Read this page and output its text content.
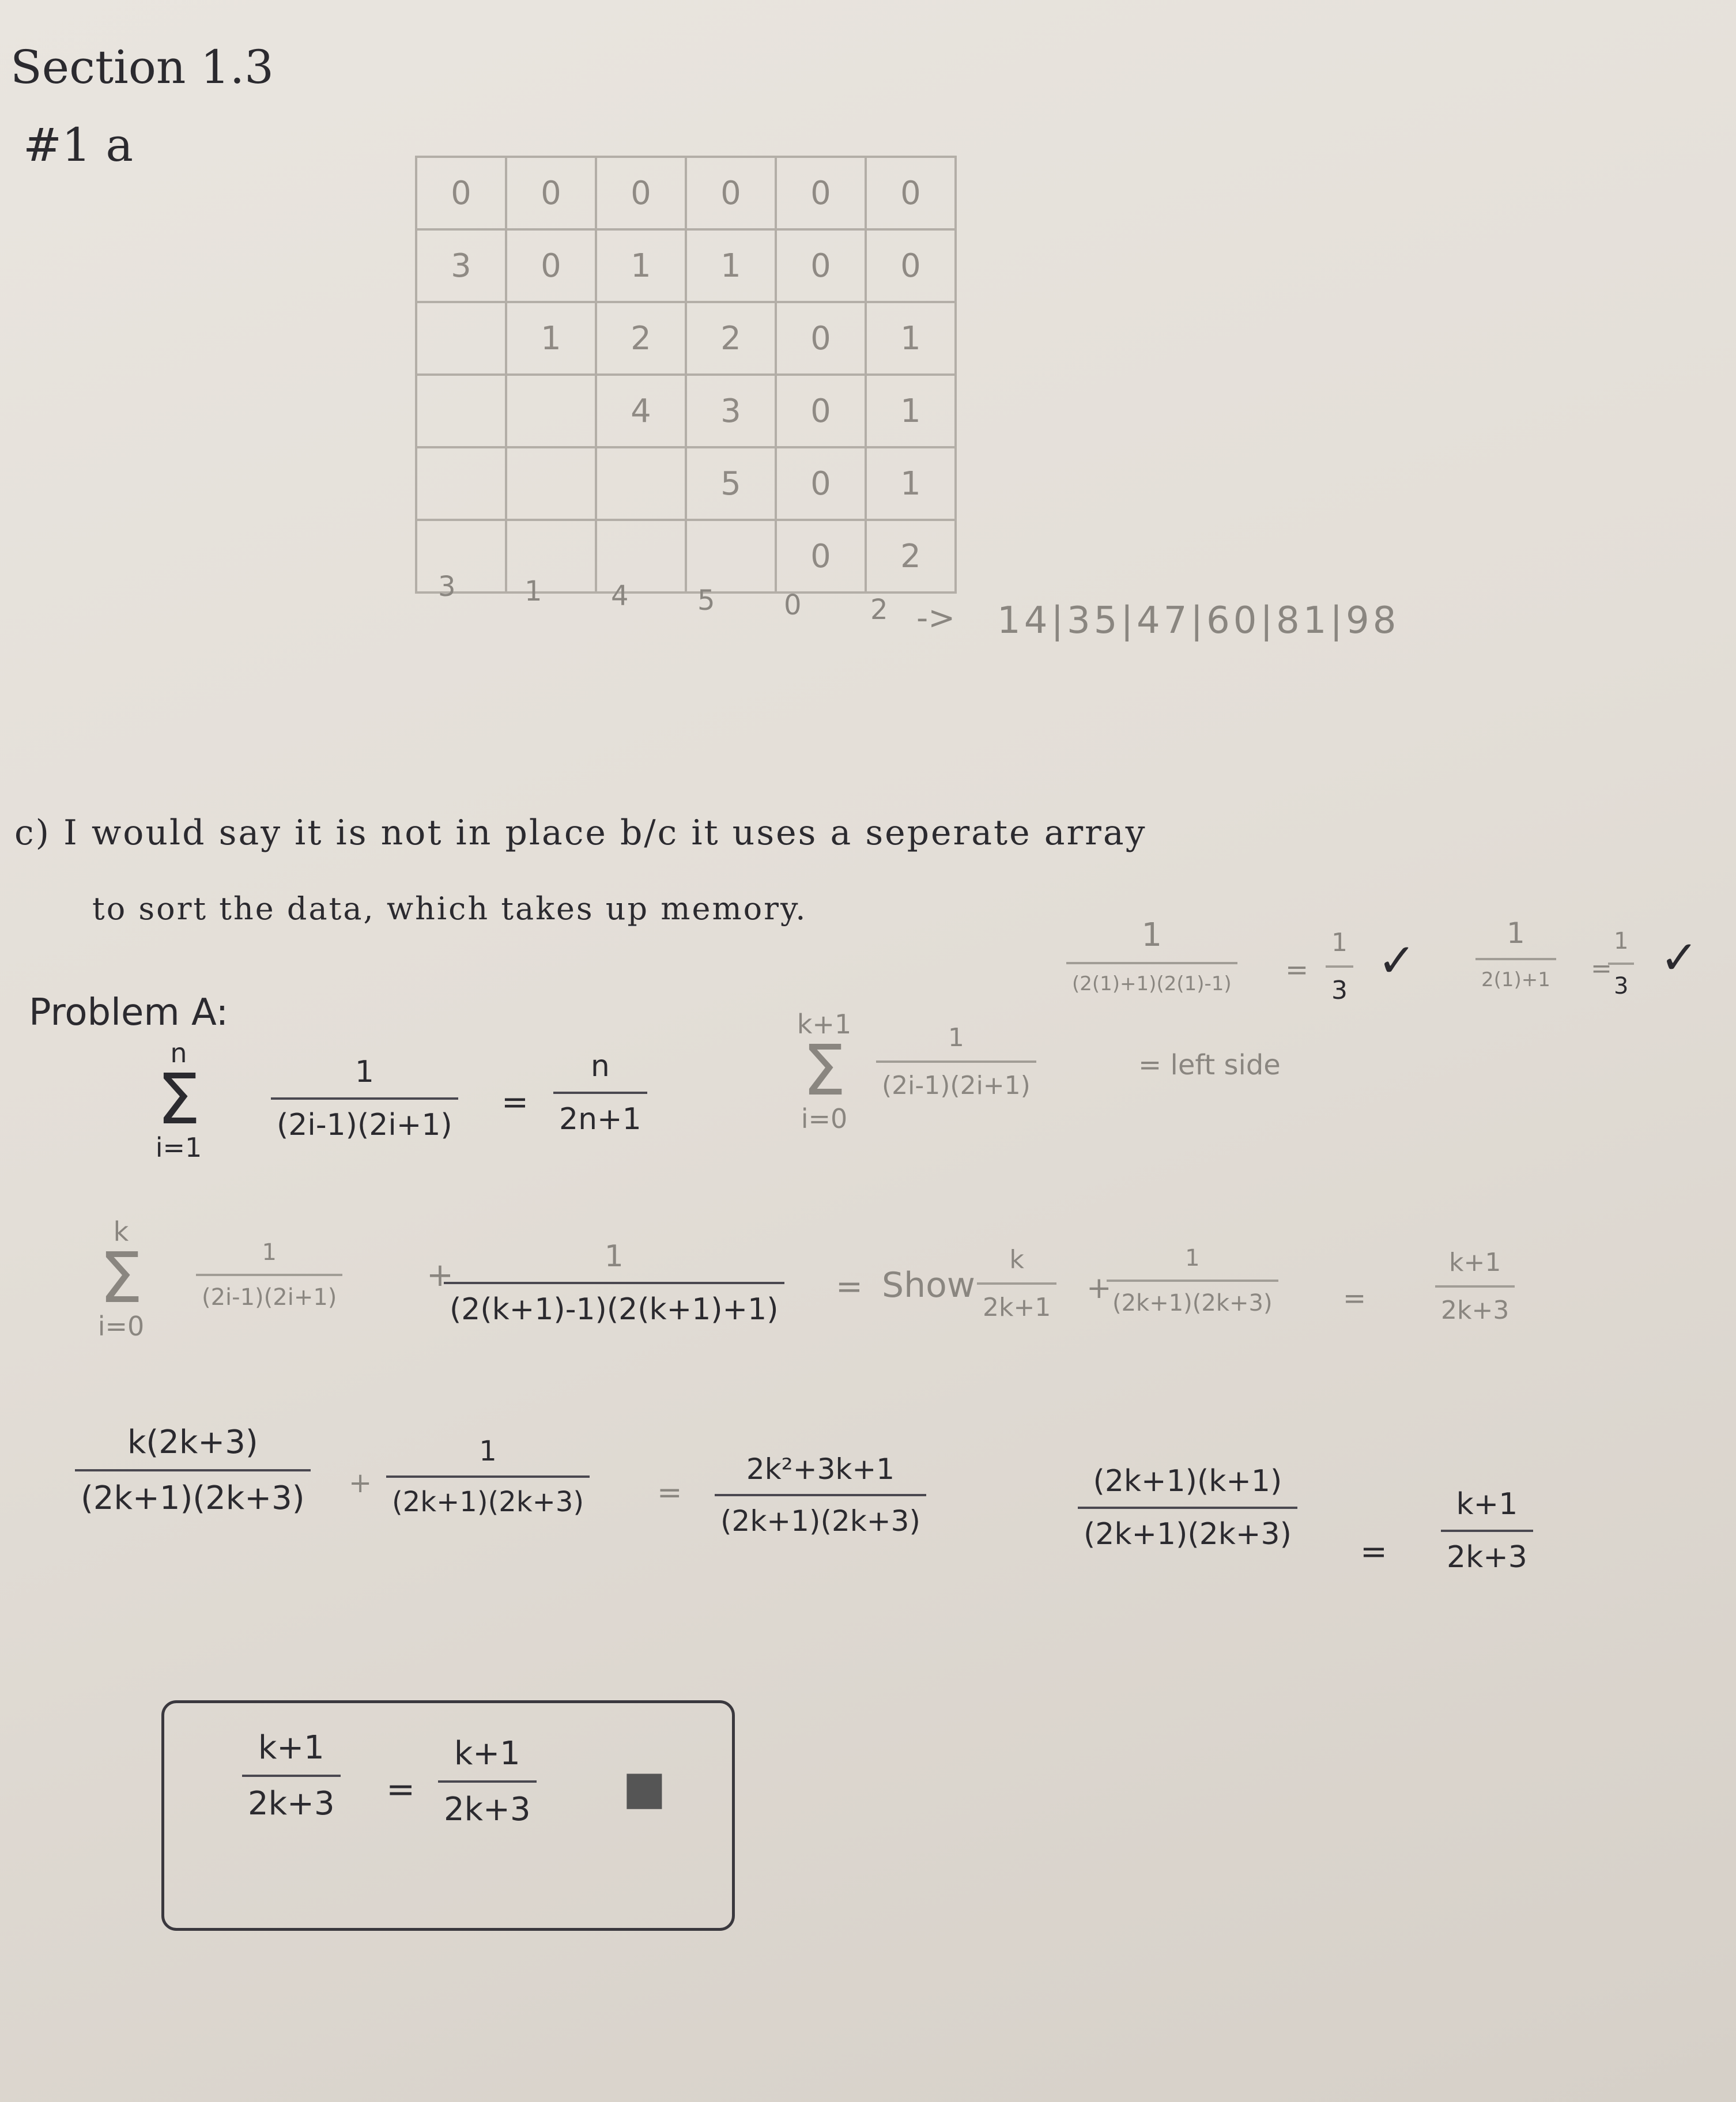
Section 1.3
#1 a
0	0	0	0	0	0
3	0	1	1	0	0
	1	2	2	0	1
		4	3	0	1
			5	0	1
				0	2
3 1 4 5 0 2 -> 14|35|47|60|81|98
c) I would say it is not in place b/c it uses a seperate array
to sort the data, which takes up memory.
Problem A:
n
Σ
i=1
$\frac{1}{(2i-1)(2i+1)} = \frac{n}{2n+1}$
1
$(2(1)+1)(2(1)-1) = \frac{1}{3}$ ✓
1
2(1)+1 =
$\frac{1}{3}$ ✓
k+1
Σ
i=0
$\frac{1}{(2i-1)(2i+1)}$	= left side
k
Σ
i=0
$\frac{1}{(2i-1)(2i+1)}$	+
$\frac{1}{(2(k+1)-1)(2(k+1)+1)}$ = Show $\frac{k}{2k+1}$ +
$\frac{1}{(2k+1)(2k+3)}$ =	$\frac{k+1}{2k+3}$
$\frac{k(2k+3)}{(2k+1)(2k+3)} + \frac{1}{(2k+1)(2k+3)} = \frac{\text{2k²+3k+1}}{(2k+1)(2k+3)}$	$\frac{(2k+1)(k+1)}{(2k+1)(2k+3)}$
= $\frac{k+1}{2k+3}$
$\frac{k+1}{2k+3} = \frac{k+1}{2k+3}$ ■
